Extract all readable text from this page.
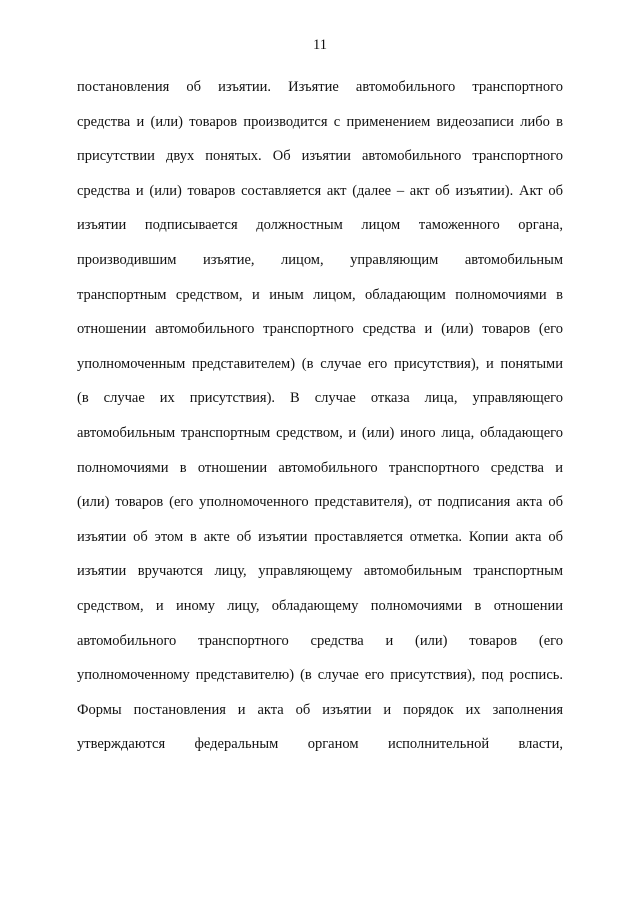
11
постановления об изъятии. Изъятие автомобильного транспортного
средства и (или) товаров производится с применением видеозаписи либо в
присутствии двух понятых. Об изъятии автомобильного транспортного
средства и (или) товаров составляется акт (далее – акт об изъятии). Акт об
изъятии подписывается должностным лицом таможенного органа,
производившим изъятие, лицом, управляющим автомобильным
транспортным средством, и иным лицом, обладающим полномочиями в
отношении автомобильного транспортного средства и (или) товаров (его
уполномоченным представителем) (в случае его присутствия), и понятыми
(в случае их присутствия). В случае отказа лица, управляющего
автомобильным транспортным средством, и (или) иного лица, обладающего
полномочиями в отношении автомобильного транспортного средства и
(или) товаров (его уполномоченного представителя), от подписания акта об
изъятии об этом в акте об изъятии проставляется отметка. Копии акта об
изъятии вручаются лицу, управляющему автомобильным транспортным
средством, и иному лицу, обладающему полномочиями в отношении
автомобильного транспортного средства и (или) товаров (его
уполномоченному представителю) (в случае его присутствия), под роспись.
Формы постановления и акта об изъятии и порядок их заполнения
утверждаются федеральным органом исполнительной власти,
